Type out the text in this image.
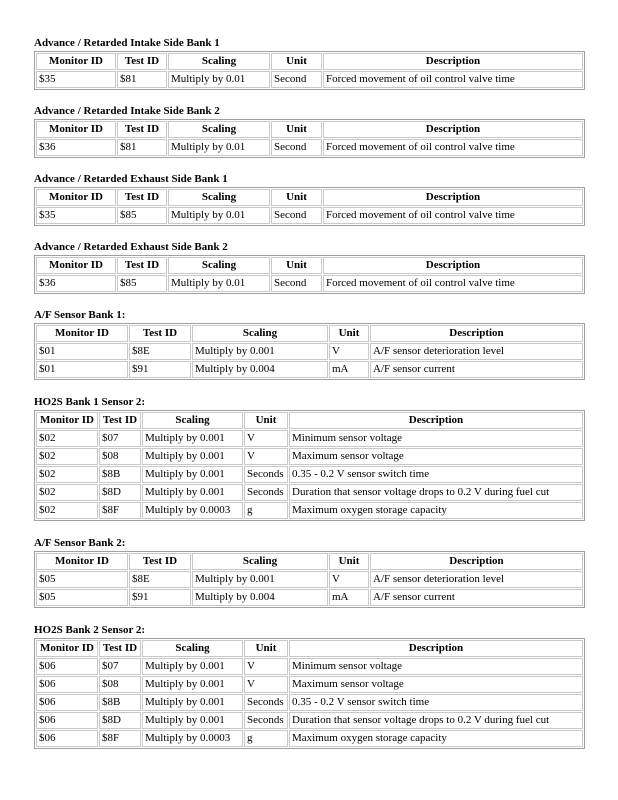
Advance / Retarded Intake Side Bank 1
Monitor ID	Test ID	Scaling	Unit	Description
$35	$81	Multiply by 0.01	Second	Forced movement of oil control valve time
Advance / Retarded Intake Side Bank 2
Monitor ID	Test ID	Scaling	Unit	Description
$36	$81	Multiply by 0.01	Second	Forced movement of oil control valve time
Advance / Retarded Exhaust Side Bank 1
Monitor ID	Test ID	Scaling	Unit	Description
$35	$85	Multiply by 0.01	Second	Forced movement of oil control valve time
Advance / Retarded Exhaust Side Bank 2
Monitor ID	Test ID	Scaling	Unit	Description
$36	$85	Multiply by 0.01	Second	Forced movement of oil control valve time
A/F Sensor Bank 1:
Monitor ID	Test ID	Scaling	Unit	Description
$01	$8E	Multiply by 0.001	V	A/F sensor deterioration level
$01	$91	Multiply by 0.004	mA	A/F sensor current
HO2S Bank 1 Sensor 2:
Monitor ID	Test ID	Scaling	Unit	Description
$02	$07	Multiply by 0.001	V	Minimum sensor voltage
$02	$08	Multiply by 0.001	V	Maximum sensor voltage
$02	$8B	Multiply by 0.001	Seconds	0.35 - 0.2 V sensor switch time
$02	$8D	Multiply by 0.001	Seconds	Duration that sensor voltage drops to 0.2 V during fuel cut
$02	$8F	Multiply by 0.0003	g	Maximum oxygen storage capacity
A/F Sensor Bank 2:
Monitor ID	Test ID	Scaling	Unit	Description
$05	$8E	Multiply by 0.001	V	A/F sensor deterioration level
$05	$91	Multiply by 0.004	mA	A/F sensor current
HO2S Bank 2 Sensor 2:
Monitor ID	Test ID	Scaling	Unit	Description
$06	$07	Multiply by 0.001	V	Minimum sensor voltage
$06	$08	Multiply by 0.001	V	Maximum sensor voltage
$06	$8B	Multiply by 0.001	Seconds	0.35 - 0.2 V sensor switch time
$06	$8D	Multiply by 0.001	Seconds	Duration that sensor voltage drops to 0.2 V during fuel cut
$06	$8F	Multiply by 0.0003	g	Maximum oxygen storage capacity
